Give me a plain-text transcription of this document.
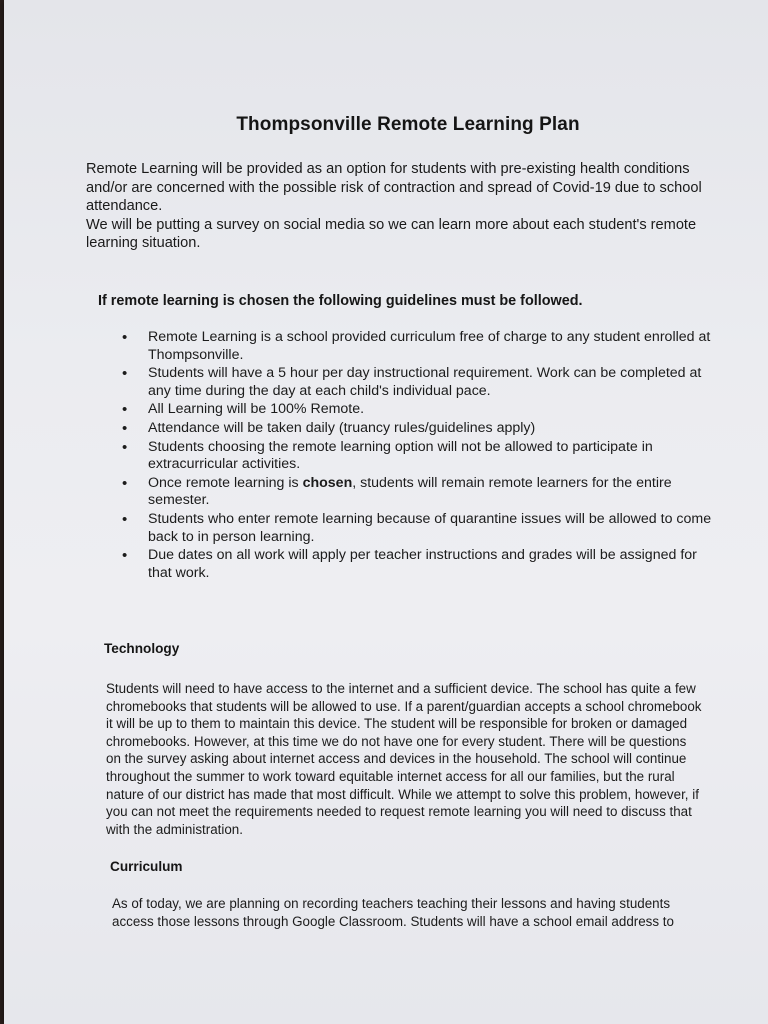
Thompsonville Remote Learning Plan

Remote Learning will be provided as an option for students with pre-existing health conditions and/or are concerned with the possible risk of contraction and spread of Covid-19 due to school attendance.

We will be putting a survey on social media so we can learn more about each student's remote learning situation.

If remote learning is chosen the following guidelines must be followed.
• Remote Learning is a school provided curriculum free of charge to any student enrolled at Thompsonville.
• Students will have a 5 hour per day instructional requirement. Work can be completed at any time during the day at each child's individual pace.
• All Learning will be 100% Remote.
• Attendance will be taken daily (truancy rules/guidelines apply)
• Students choosing the remote learning option will not be allowed to participate in extracurricular activities.
• Once remote learning is chosen, students will remain remote learners for the entire semester.
• Students who enter remote learning because of quarantine issues will be allowed to come back to in person learning.
• Due dates on all work will apply per teacher instructions and grades will be assigned for that work.
Technology

Students will need to have access to the internet and a sufficient device. The school has quite a few chromebooks that students will be allowed to use. If a parent/guardian accepts a school chromebook it will be up to them to maintain this device. The student will be responsible for broken or damaged chromebooks. However, at this time we do not have one for every student. There will be questions on the survey asking about internet access and devices in the household. The school will continue throughout the summer to work toward equitable internet access for all our families, but the rural nature of our district has made that most difficult. While we attempt to solve this problem, however, if you can not meet the requirements needed to request remote learning you will need to discuss that with the administration.

Curriculum

As of today, we are planning on recording teachers teaching their lessons and having students access those lessons through Google Classroom. Students will have a school email address to
